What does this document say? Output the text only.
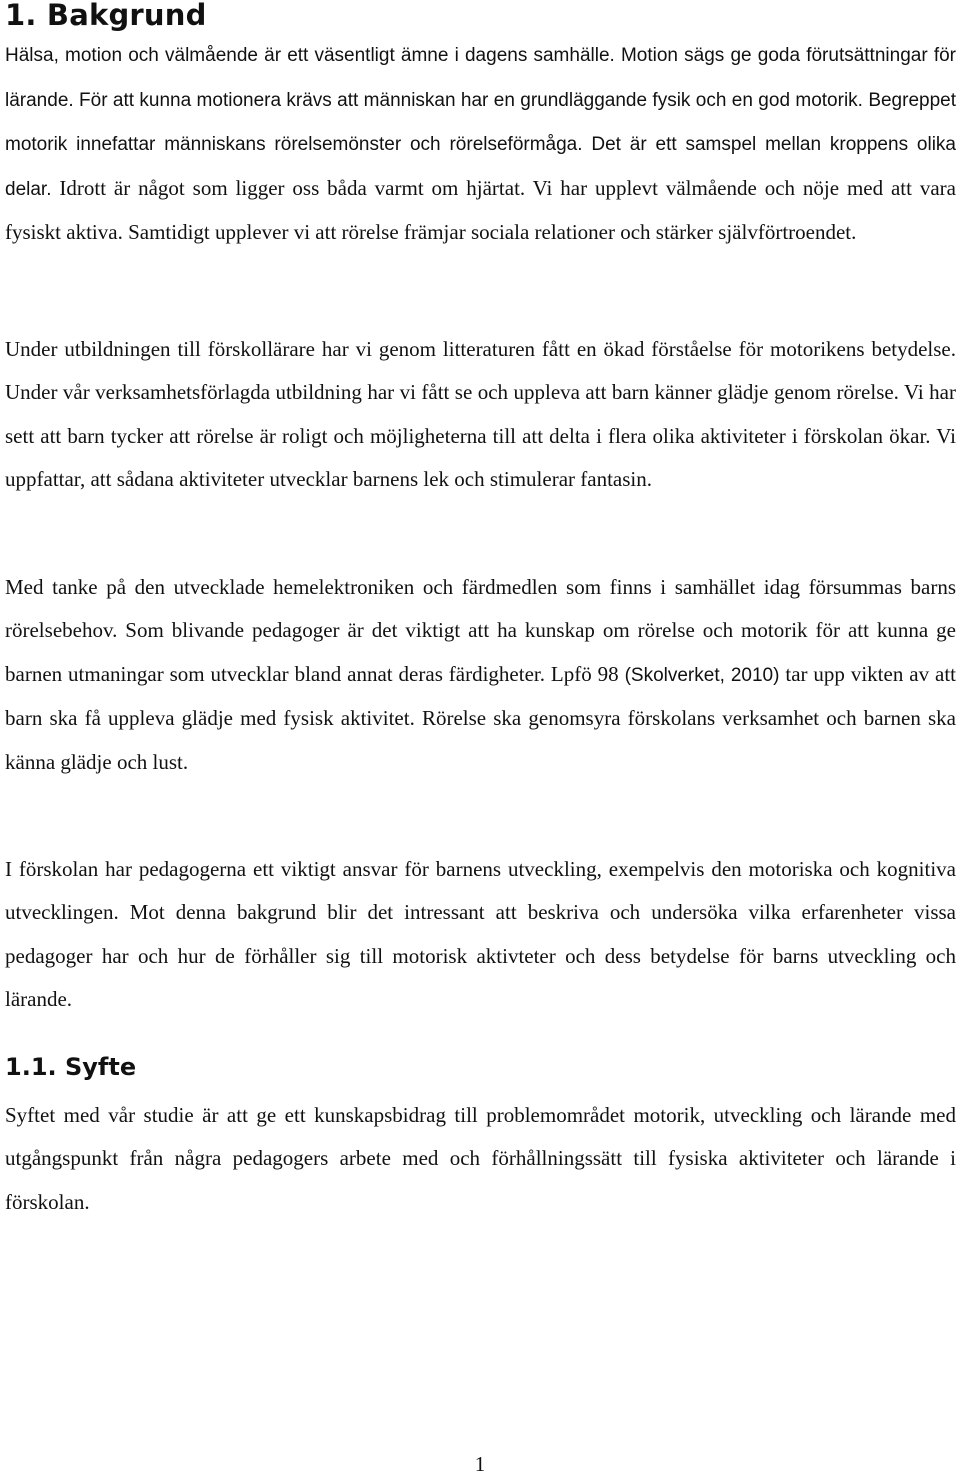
1. Bakgrund

Hälsa, motion och välmående är ett väsentligt ämne i dagens samhälle. Motion sägs ge goda förutsättningar för lärande. För att kunna motionera krävs att människan har en grundläggande fysik och en god motorik. Begreppet motorik innefattar människans rörelsemönster och rörelseförmåga. Det är ett samspel mellan kroppens olika delar. Idrott är något som ligger oss båda varmt om hjärtat. Vi har upplevt välmående och nöje med att vara fysiskt aktiva. Samtidigt upplever vi att rörelse främjar sociala relationer och stärker självförtroendet.

Under utbildningen till förskollärare har vi genom litteraturen fått en ökad förståelse för motorikens betydelse. Under vår verksamhetsförlagda utbildning har vi fått se och uppleva att barn känner glädje genom rörelse. Vi har sett att barn tycker att rörelse är roligt och möjligheterna till att delta i flera olika aktiviteter i förskolan ökar. Vi uppfattar, att sådana aktiviteter utvecklar barnens lek och stimulerar fantasin.

Med tanke på den utvecklade hemelektroniken och färdmedlen som finns i samhället idag försummas barns rörelsebehov. Som blivande pedagoger är det viktigt att ha kunskap om rörelse och motorik för att kunna ge barnen utmaningar som utvecklar bland annat deras färdigheter. Lpfö 98 (Skolverket, 2010) tar upp vikten av att barn ska få uppleva glädje med fysisk aktivitet. Rörelse ska genomsyra förskolans verksamhet och barnen ska känna glädje och lust.

I förskolan har pedagogerna ett viktigt ansvar för barnens utveckling, exempelvis den motoriska och kognitiva utvecklingen. Mot denna bakgrund blir det intressant att beskriva och undersöka vilka erfarenheter vissa pedagoger har och hur de förhåller sig till motorisk aktivteter och dess betydelse för barns utveckling och lärande.

1.1. Syfte

Syftet med vår studie är att ge ett kunskapsbidrag till problemområdet motorik, utveckling och lärande med utgångspunkt från några pedagogers arbete med och förhållningssätt till fysiska aktiviteter och lärande i förskolan.

1
